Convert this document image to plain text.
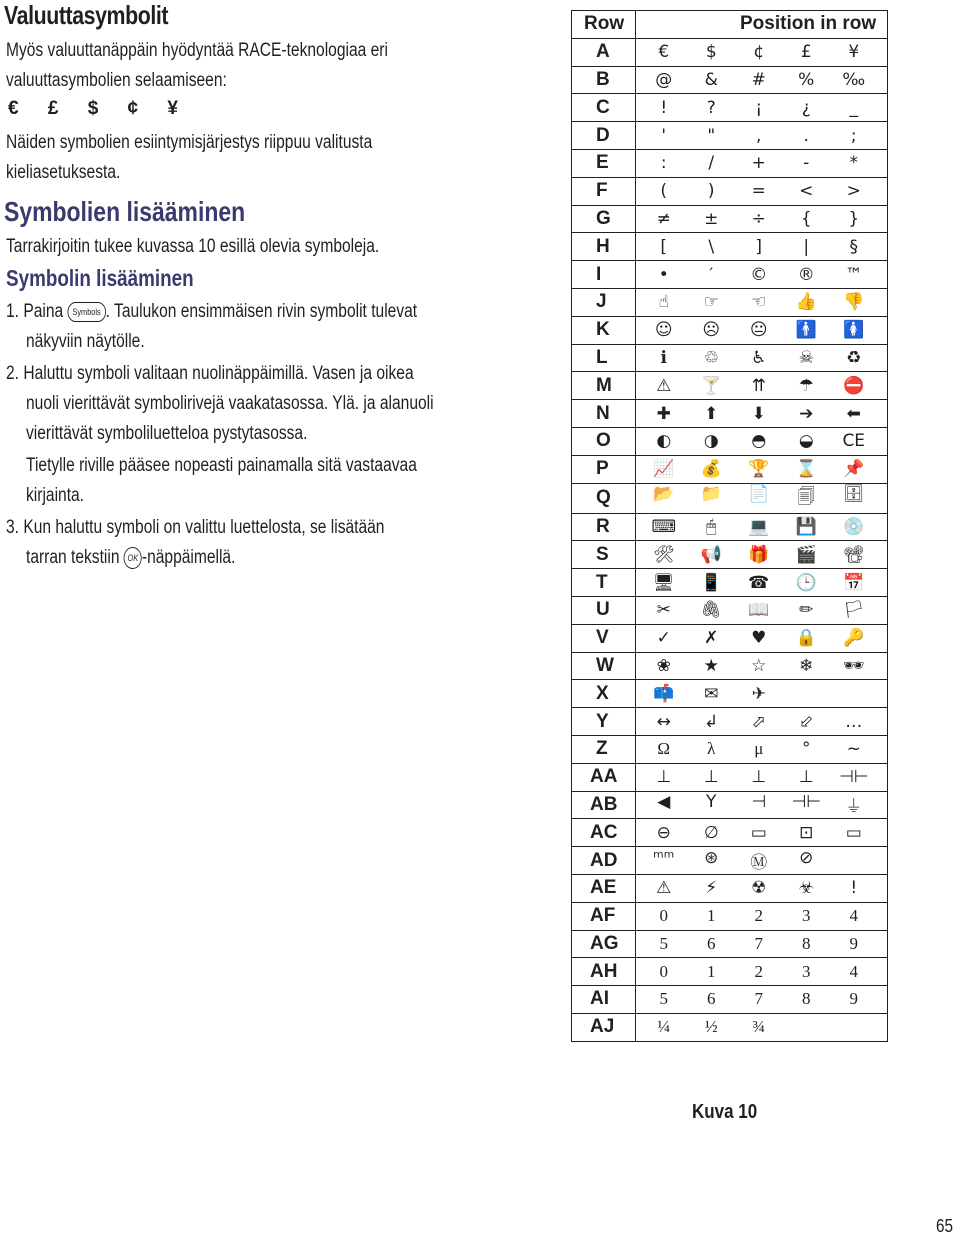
Valuuttasymbolit
Myös valuuttanäppäin hyödyntää RACE-teknologiaa eri
valuuttasymbolien selaamiseen:
€ £ $ ¢ ¥
Näiden symbolien esiintymisjärjestys riippuu valitusta
kieliasetuksesta.
Symbolien lisääminen
Tarrakirjoitin tukee kuvassa 10 esillä olevia symboleja.
Symbolin lisääminen
1. Paina Symbols . Taulukon ensimmäisen rivin symbolit tulevat
näkyviin näytölle.
2. Haluttu symboli valitaan nuolinäppäimillä. Vasen ja oikea
nuoli vierittävät symbolirivejä vaakatasossa. Ylä. ja alanuoli
vierittävät symboliluetteloa pystytasossa.
Tietylle riville pääsee nopeasti painamalla sitä vastaavaa
kirjainta.
3. Kun haluttu symboli on valittu luettelosta, se lisätään
tarran tekstiin OK -näppäimellä.
Row	Position in row
A	€ $ ¢ £ ¥

B	@ & # % ‰

C	! ? ¡ ¿ _

D	' " , . ;

E	: / + - *

F	( ) = < >

G	≠ ± ÷ { }

H	[ \ ] | §

I	• ′ © ® ™

J	☝ ☞ ☜ 👍 👎

K	☺ ☹ 😐 🚹 🚺

L	ℹ ♲ ♿ ☠ ♻

M	⚠ 🍸 ⇈ ☂ ⛔

N	✚ ⬆ ⬇ ➔ ⬅

O	◐ ◑ ◓ ◒ CE

P	📈 💰 🏆 ⌛ 📌

Q	📂 📁 📄 🗐 🗄

R	⌨ 🖱 💻 💾 💿

S	🛠 📢 🎁 🎬 📽

T	🖥 📱 ☎ 🕒 📅

U	✂ 🖇 📖 ✏ 🏳

V	✓ ✗ ♥ 🔒 🔑

W	❀ ★ ☆ ❄ 🕶

X	📫 ✉ ✈

Y	↔ ↲ ⬀ ⬃ …

Z	Ω λ μ ° ~

AA	⊥ ⊥ ⊥ ⊥ ⊣⊢

AB	◀ Y ⊣ ⊣⊢ ⏚

AC	⊖ ∅ ▭ ⊡ ▭

AD	ᵐᵐ ⊛ Ⓜ ⊘

AE	⚠ ⚡ ☢ ☣ !

AF	0 1 2 3 4

AG	5 6 7 8 9

AH	0 1 2 3 4

AI	5 6 7 8 9

AJ	¼ ½ ¾
Kuva 10
65
